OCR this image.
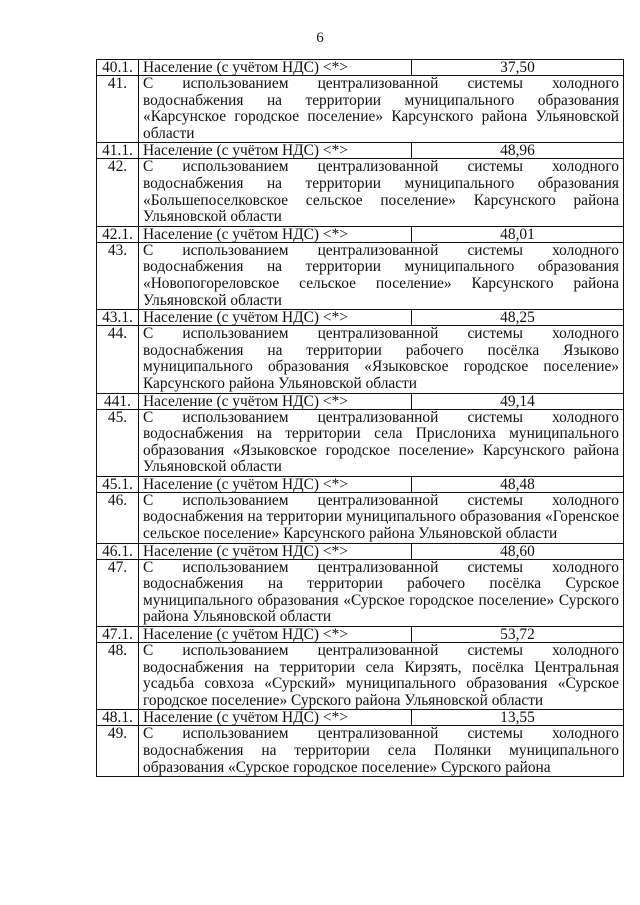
6
40.1.	Население (с учётом НДС) <*>	37,50
41.	С использованием централизованной системы холодного водоснабжения на территории муниципального образования «Карсунское городское поселение» Карсунского района Ульяновской области	
41.1.	Население (с учётом НДС) <*>	48,96
42.	С использованием централизованной системы холодного водоснабжения на территории муниципального образования «Большепоселковское сельское поселение» Карсунского района Ульяновской области	
42.1.	Население (с учётом НДС) <*>	48,01
43.	С использованием централизованной системы холодного водоснабжения на территории муниципального образования «Новопогореловское сельское поселение» Карсунского района Ульяновской области	
43.1.	Население (с учётом НДС) <*>	48,25
44.	С использованием централизованной системы холодного водоснабжения на территории рабочего посёлка Языково муниципального образования «Языковское городское поселение» Карсунского района Ульяновской области	
441.	Население (с учётом НДС) <*>	49,14
45.	С использованием централизованной системы холодного водоснабжения на территории села Прислониха муниципального образования «Языковское городское поселение» Карсунского района Ульяновской области	
45.1.	Население (с учётом НДС) <*>	48,48
46.	С использованием централизованной системы холодного водоснабжения на территории муниципального образования «Горенское сельское поселение» Карсунского района Ульяновской области	
46.1.	Население (с учётом НДС) <*>	48,60
47.	С использованием централизованной системы холодного водоснабжения на территории рабочего посёлка Сурское муниципального образования «Сурское городское поселение» Сурского района Ульяновской области	
47.1.	Население (с учётом НДС) <*>	53,72
48.	С использованием централизованной системы холодного водоснабжения на территории села Кирзять, посёлка Центральная усадьба совхоза «Сурский» муниципального образования «Сурское городское поселение» Сурского района Ульяновской области	
48.1.	Население (с учётом НДС) <*>	13,55
49.	С использованием централизованной системы холодного водоснабжения на территории села Полянки муниципального образования «Сурское городское поселение» Сурского района	
